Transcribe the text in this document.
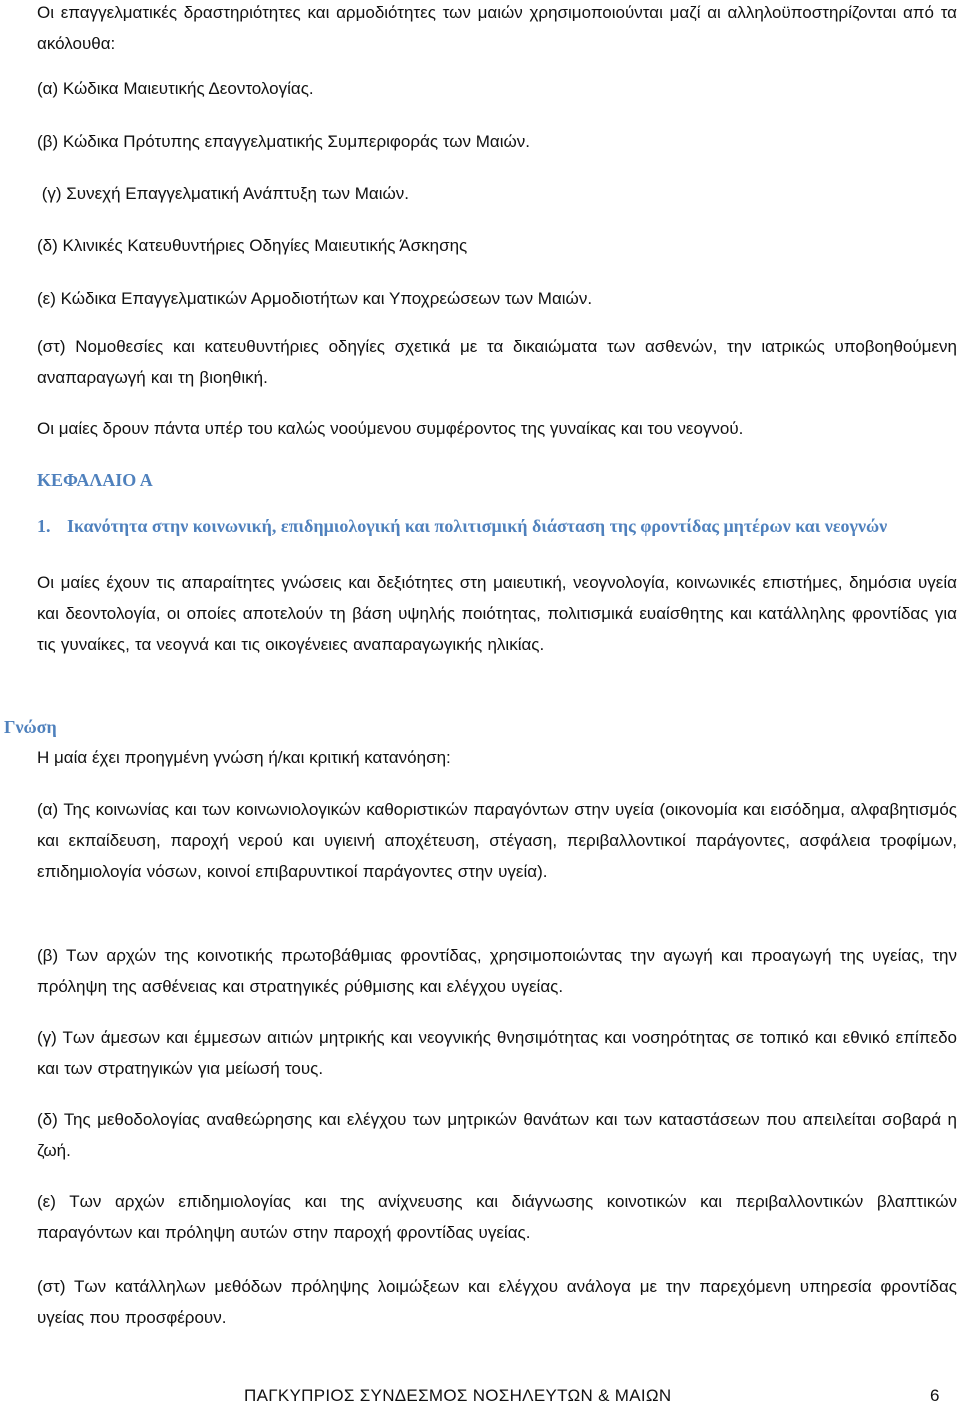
Οι επαγγελματικές δραστηριότητες και αρμοδιότητες των μαιών χρησιμοποιούνται μαζί αι αλληλοϋποστηρίζονται από τα ακόλουθα:

(α) Κώδικα Μαιευτικής Δεοντολογίας.
(β) Κώδικα Πρότυπης επαγγελματικής Συμπεριφοράς των Μαιών.
(γ) Συνεχή Επαγγελματική Ανάπτυξη των Μαιών.
(δ) Κλινικές Κατευθυντήριες Οδηγίες Μαιευτικής Άσκησης
(ε) Κώδικα Επαγγελματικών Αρμοδιοτήτων και Υποχρεώσεων των Μαιών.

(στ) Νομοθεσίες και κατευθυντήριες οδηγίες σχετικά με τα δικαιώματα των ασθενών, την ιατρικώς υποβοηθούμενη αναπαραγωγή και τη βιοηθική.

Οι μαίες δρουν πάντα υπέρ του καλώς νοούμενου συμφέροντος της γυναίκας και του νεογνού.
ΚΕΦΑΛΑΙΟ Α
1. Ικανότητα στην κοινωνική, επιδημιολογική και πολιτισμική διάσταση της φροντίδας μητέρων και νεογνών

Οι μαίες έχουν τις απαραίτητες γνώσεις και δεξιότητες στη μαιευτική, νεογνολογία, κοινωνικές επιστήμες, δημόσια υγεία και δεοντολογία, οι οποίες αποτελούν τη βάση υψηλής ποιότητας, πολιτισμικά ευαίσθητης και κατάλληλης φροντίδας για τις γυναίκες, τα νεογνά και τις οικογένειες αναπαραγωγικής ηλικίας.

Γνώση
Η μαία έχει προηγμένη γνώση ή/και κριτική κατανόηση:

(α) Της κοινωνίας και των κοινωνιολογικών καθοριστικών παραγόντων στην υγεία (οικονομία και εισόδημα, αλφαβητισμός και εκπαίδευση, παροχή νερού και υγιεινή αποχέτευση, στέγαση, περιβαλλοντικοί παράγοντες, ασφάλεια τροφίμων, επιδημιολογία νόσων, κοινοί επιβαρυντικοί παράγοντες στην υγεία).

(β) Των αρχών της κοινοτικής πρωτοβάθμιας φροντίδας, χρησιμοποιώντας την αγωγή και προαγωγή της υγείας, την πρόληψη της ασθένειας και στρατηγικές ρύθμισης και ελέγχου υγείας.

(γ) Των άμεσων και έμμεσων αιτιών μητρικής και νεογνικής θνησιμότητας και νοσηρότητας σε τοπικό και εθνικό επίπεδο και των στρατηγικών για μείωσή τους.

(δ) Της μεθοδολογίας αναθεώρησης και ελέγχου των μητρικών θανάτων και των καταστάσεων που απειλείται σοβαρά η ζωή.

(ε) Των αρχών επιδημιολογίας και της ανίχνευσης και διάγνωσης κοινοτικών και περιβαλλοντικών βλαπτικών παραγόντων και πρόληψη αυτών στην παροχή φροντίδας υγείας.

(στ) Των κατάλληλων μεθόδων πρόληψης λοιμώξεων και ελέγχου ανάλογα με την παρεχόμενη υπηρεσία φροντίδας υγείας που προσφέρουν.

ΠΑΓΚΥΠΡΙΟΣ ΣΥΝΔΕΣΜΟΣ ΝΟΣΗΛΕΥΤΩΝ & ΜΑΙΩΝ	6
